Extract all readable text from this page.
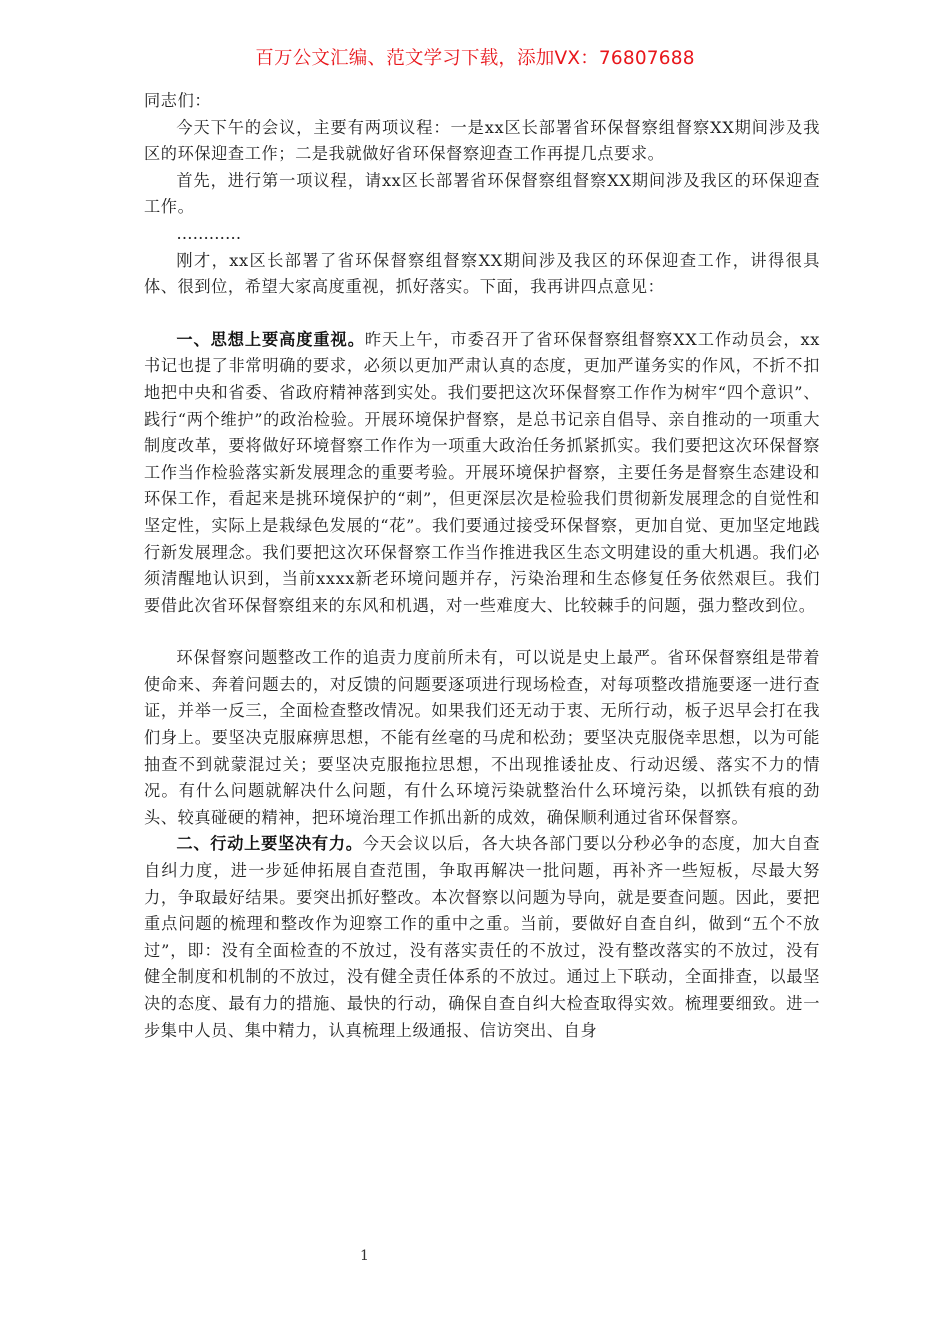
百万公文汇编、范文学习下载，添加VX：76807688

同志们：

今天下午的会议，主要有两项议程：一是xx区长部署省环保督察组督察XX期间涉及我区的环保迎查工作；二是我就做好省环保督察迎查工作再提几点要求。

首先，进行第一项议程，请xx区长部署省环保督察组督察XX期间涉及我区的环保迎查工作。

…………

刚才，xx区长部署了省环保督察组督察XX期间涉及我区的环保迎查工作，讲得很具体、很到位，希望大家高度重视，抓好落实。下面，我再讲四点意见：

一、思想上要高度重视。昨天上午，市委召开了省环保督察组督察XX工作动员会，xx书记也提了非常明确的要求，必须以更加严肃认真的态度，更加严谨务实的作风，不折不扣地把中央和省委、省政府精神落到实处。我们要把这次环保督察工作作为树牢“四个意识”、践行“两个维护”的政治检验。开展环境保护督察，是总书记亲自倡导、亲自推动的一项重大制度改革，要将做好环境督察工作作为一项重大政治任务抓紧抓实。我们要把这次环保督察工作当作检验落实新发展理念的重要考验。开展环境保护督察，主要任务是督察生态建设和环保工作，看起来是挑环境保护的“刺”，但更深层次是检验我们贯彻新发展理念的自觉性和坚定性，实际上是栽绿色发展的“花”。我们要通过接受环保督察，更加自觉、更加坚定地践行新发展理念。我们要把这次环保督察工作当作推进我区生态文明建设的重大机遇。我们必须清醒地认识到，当前xxxx新老环境问题并存，污染治理和生态修复任务依然艰巨。我们要借此次省环保督察组来的东风和机遇，对一些难度大、比较棘手的问题，强力整改到位。

环保督察问题整改工作的追责力度前所未有，可以说是史上最严。省环保督察组是带着使命来、奔着问题去的，对反馈的问题要逐项进行现场检查，对每项整改措施要逐一进行查证，并举一反三，全面检查整改情况。如果我们还无动于衷、无所行动，板子迟早会打在我们身上。要坚决克服麻痹思想，不能有丝毫的马虎和松劲；要坚决克服侥幸思想，以为可能抽查不到就蒙混过关；要坚决克服拖拉思想，不出现推诿扯皮、行动迟缓、落实不力的情况。有什么问题就解决什么问题，有什么环境污染就整治什么环境污染，以抓铁有痕的劲头、较真碰硬的精神，把环境治理工作抓出新的成效，确保顺利通过省环保督察。

二、行动上要坚决有力。今天会议以后，各大块各部门要以分秒必争的态度，加大自查自纠力度，进一步延伸拓展自查范围，争取再解决一批问题，再补齐一些短板，尽最大努力，争取最好结果。要突出抓好整改。本次督察以问题为导向，就是要查问题。因此，要把重点问题的梳理和整改作为迎察工作的重中之重。当前，要做好自查自纠，做到“五个不放过”，即：没有全面检查的不放过，没有落实责任的不放过，没有整改落实的不放过，没有健全制度和机制的不放过，没有健全责任体系的不放过。通过上下联动，全面排查，以最坚决的态度、最有力的措施、最快的行动，确保自查自纠大检查取得实效。梳理要细致。进一步集中人员、集中精力，认真梳理上级通报、信访突出、自身

1
